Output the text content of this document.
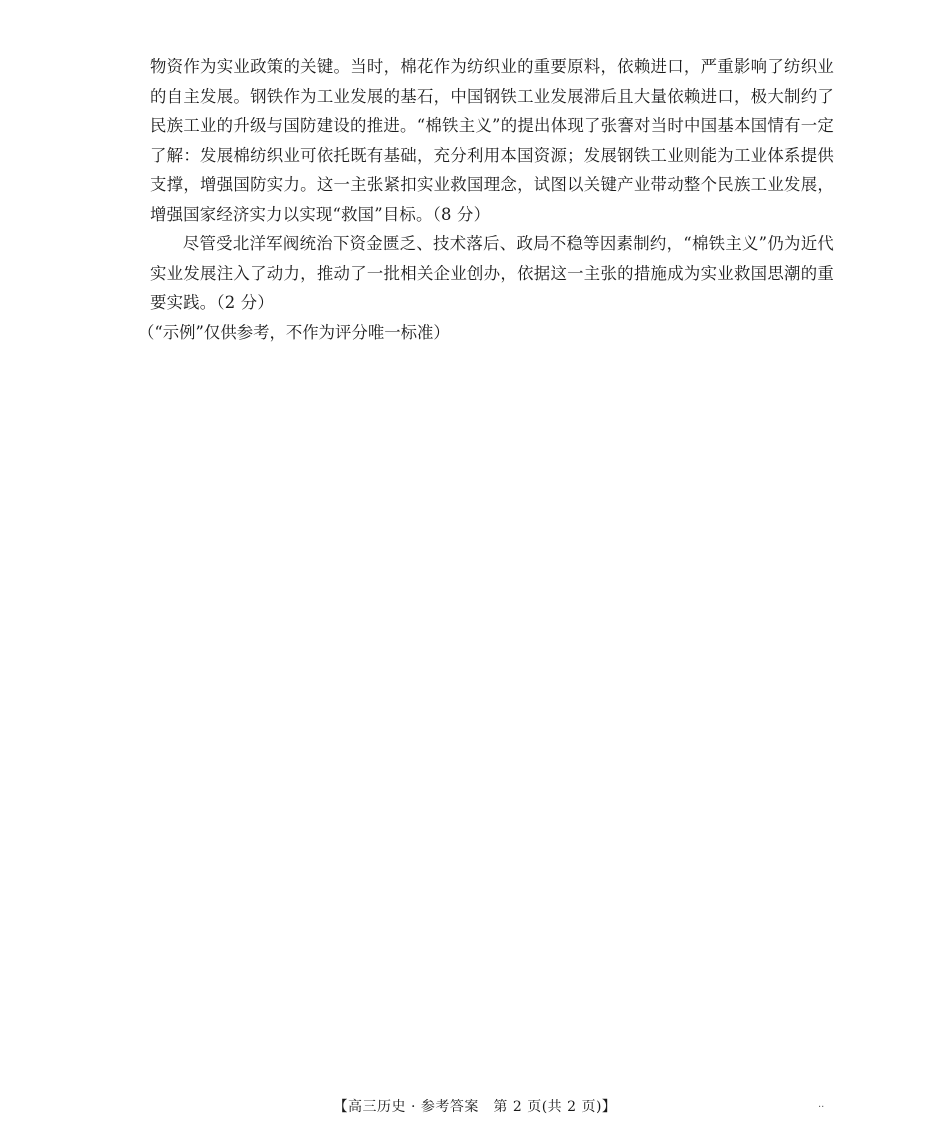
物资作为实业政策的关键。当时，棉花作为纺织业的重要原料，依赖进口，严重影响了纺织业的自主发展。钢铁作为工业发展的基石，中国钢铁工业发展滞后且大量依赖进口，极大制约了民族工业的升级与国防建设的推进。“棉铁主义”的提出体现了张謇对当时中国基本国情有一定了解：发展棉纺织业可依托既有基础，充分利用本国资源；发展钢铁工业则能为工业体系提供支撑，增强国防实力。这一主张紧扣实业救国理念，试图以关键产业带动整个民族工业发展，增强国家经济实力以实现“救国”目标。（8 分）

尽管受北洋军阀统治下资金匮乏、技术落后、政局不稳等因素制约，“棉铁主义”仍为近代实业发展注入了动力，推动了一批相关企业创办，依据这一主张的措施成为实业救国思潮的重要实践。（2 分）

（“示例”仅供参考，不作为评分唯一标准）

【高三历史 · 参考答案　第 2 页(共 2 页)】	··
